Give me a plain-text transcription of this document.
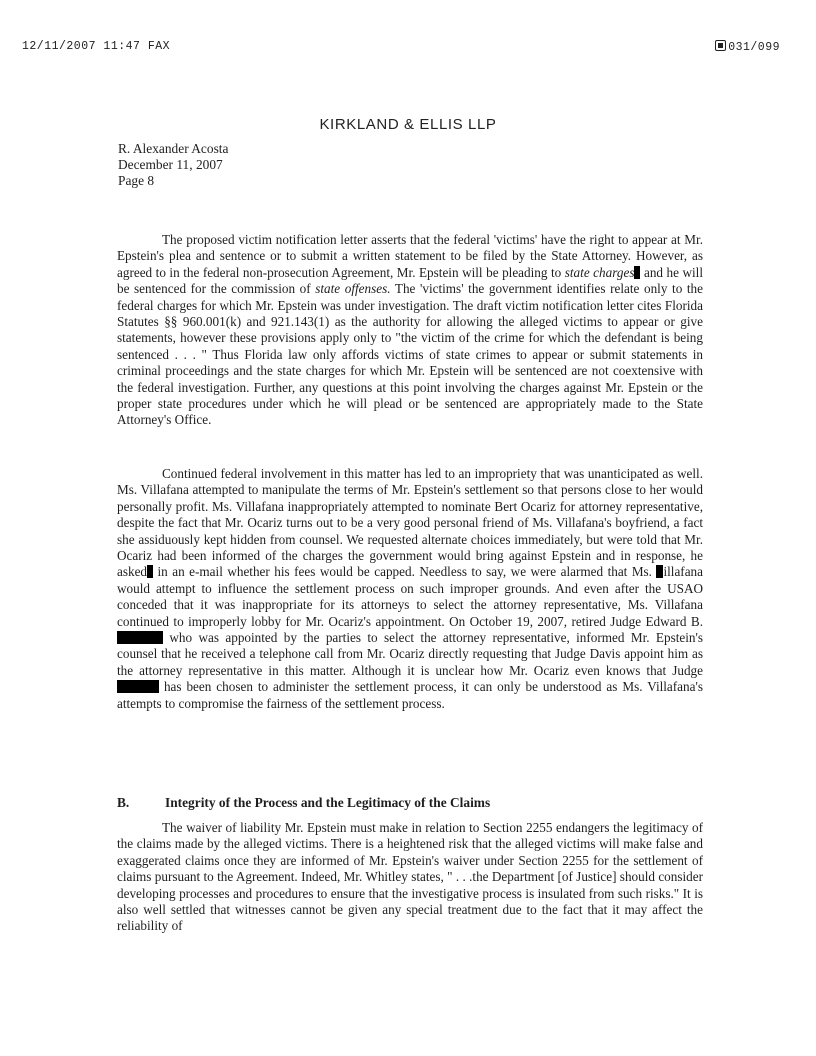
12/11/2007 11:47 FAX	031/099
KIRKLAND & ELLIS LLP
R. Alexander Acosta
December 11, 2007
Page 8
The proposed victim notification letter asserts that the federal 'victims' have the right to appear at Mr. Epstein's plea and sentence or to submit a written statement to be filed by the State Attorney. However, as agreed to in the federal non-prosecution Agreement, Mr. Epstein will be pleading to state charges and he will be sentenced for the commission of state offenses. The 'victims' the government identifies relate only to the federal charges for which Mr. Epstein was under investigation. The draft victim notification letter cites Florida Statutes §§ 960.001(k) and 921.143(1) as the authority for allowing the alleged victims to appear or give statements, however these provisions apply only to "the victim of the crime for which the defendant is being sentenced . . . " Thus Florida law only affords victims of state crimes to appear or submit statements in criminal proceedings and the state charges for which Mr. Epstein will be sentenced are not coextensive with the federal investigation. Further, any questions at this point involving the charges against Mr. Epstein or the proper state procedures under which he will plead or be sentenced are appropriately made to the State Attorney's Office.
Continued federal involvement in this matter has led to an impropriety that was unanticipated as well. Ms. Villafana attempted to manipulate the terms of Mr. Epstein's settlement so that persons close to her would personally profit. Ms. Villafana inappropriately attempted to nominate Bert Ocariz for attorney representative, despite the fact that Mr. Ocariz turns out to be a very good personal friend of Ms. Villafana's boyfriend, a fact she assiduously kept hidden from counsel. We requested alternate choices immediately, but were told that Mr. Ocariz had been informed of the charges the government would bring against Epstein and in response, he asked in an e-mail whether his fees would be capped. Needless to say, we were alarmed that Ms. illafana would attempt to influence the settlement process on such improper grounds. And even after the USAO conceded that it was inappropriate for its attorneys to select the attorney representative, Ms. Villafana continued to improperly lobby for Mr. Ocariz's appointment. On October 19, 2007, retired Judge Edward B.  who was appointed by the parties to select the attorney representative, informed Mr. Epstein's counsel that he received a telephone call from Mr. Ocariz directly requesting that Judge Davis appoint him as the attorney representative in this matter. Although it is unclear how Mr. Ocariz even knows that Judge  has been chosen to administer the settlement process, it can only be understood as Ms. Villafana's attempts to compromise the fairness of the settlement process.
B.	Integrity of the Process and the Legitimacy of the Claims
The waiver of liability Mr. Epstein must make in relation to Section 2255 endangers the legitimacy of the claims made by the alleged victims. There is a heightened risk that the alleged victims will make false and exaggerated claims once they are informed of Mr. Epstein's waiver under Section 2255 for the settlement of claims pursuant to the Agreement. Indeed, Mr. Whitley states, " . . .the Department [of Justice] should consider developing processes and procedures to ensure that the investigative process is insulated from such risks." It is also well settled that witnesses cannot be given any special treatment due to the fact that it may affect the reliability of
